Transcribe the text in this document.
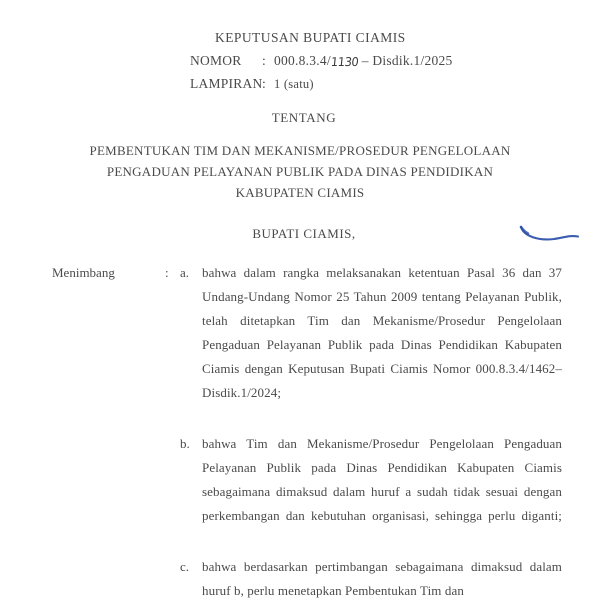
KEPUTUSAN BUPATI CIAMIS
NOMOR	: 000.8.3.4/1130 – Disdik.1/2025
LAMPIRAN : 1 (satu)
TENTANG
PEMBENTUKAN TIM DAN MEKANISME/PROSEDUR PENGELOLAAN
PENGADUAN PELAYANAN PUBLIK PADA DINAS PENDIDIKAN
KABUPATEN CIAMIS
BUPATI CIAMIS,
Menimbang	: a. bahwa dalam rangka melaksanakan ketentuan Pasal 36 dan 37 Undang-Undang Nomor 25 Tahun 2009 tentang Pelayanan Publik, telah ditetapkan Tim dan Mekanisme/Prosedur Pengelolaan Pengaduan Pelayanan Publik pada Dinas Pendidikan Kabupaten Ciamis dengan Keputusan Bupati Ciamis Nomor 000.8.3.4/1462–Disdik.1/2024;
b. bahwa Tim dan Mekanisme/Prosedur Pengelolaan Pengaduan Pelayanan Publik pada Dinas Pendidikan Kabupaten Ciamis sebagaimana dimaksud dalam huruf a sudah tidak sesuai dengan perkembangan dan kebutuhan organisasi, sehingga perlu diganti;
c. bahwa berdasarkan pertimbangan sebagaimana dimaksud dalam huruf b, perlu menetapkan Pembentukan Tim dan
